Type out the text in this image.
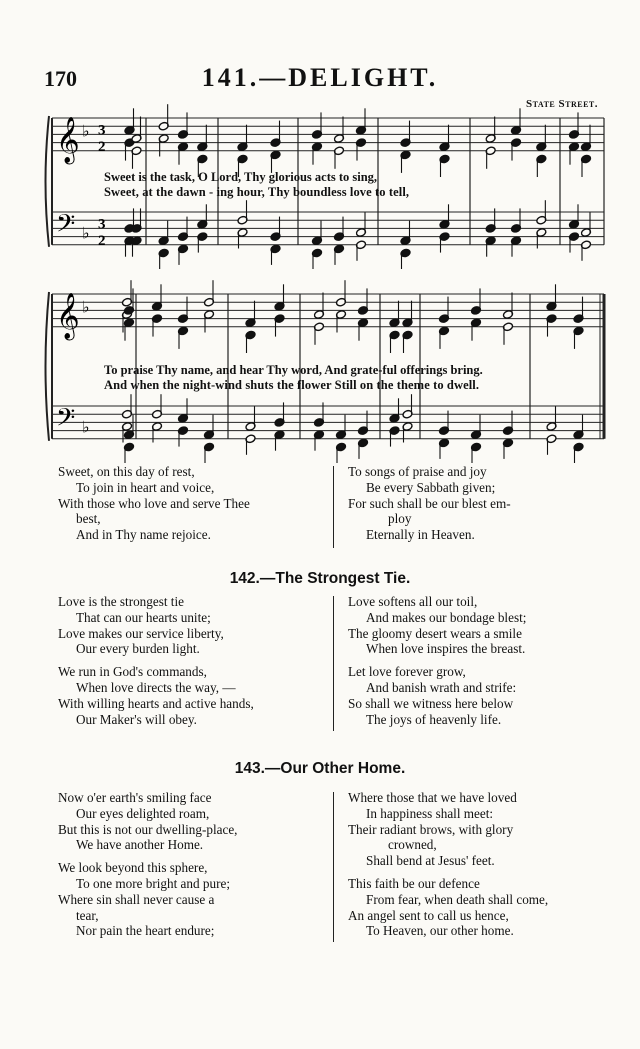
170	141.—DELIGHT.
State Street.
𝄞
𝄢
♭
♭
3
2
3
2
𝄞
𝄢
♭
♭
Sweet is the task, O Lord, Thy glorious acts to sing,
Sweet, at the dawn - ing hour, Thy boundless love to tell,
To praise Thy name, and hear Thy word, And grate-ful offerings bring.
And when the night-wind shuts the flower Still on the theme to dwell.
Sweet, on this day of rest,
To join in heart and voice,
With those who love and serve Thee
best,
And in Thy name rejoice.
To songs of praise and joy
Be every Sabbath given;
For such shall be our blest em-
ploy
Eternally in Heaven.
142.—The Strongest Tie.
Love is the strongest tie
That can our hearts unite;
Love makes our service liberty,
Our every burden light.
We run in God's commands,
When love directs the way, —
With willing hearts and active hands,
Our Maker's will obey.
Love softens all our toil,
And makes our bondage blest;
The gloomy desert wears a smile
When love inspires the breast.
Let love forever grow,
And banish wrath and strife:
So shall we witness here below
The joys of heavenly life.
143.—Our Other Home.
Now o'er earth's smiling face
Our eyes delighted roam,
But this is not our dwelling-place,
We have another Home.
We look beyond this sphere,
To one more bright and pure;
Where sin shall never cause a
tear,
Nor pain the heart endure;
Where those that we have loved
In happiness shall meet:
Their radiant brows, with glory
crowned,
Shall bend at Jesus' feet.
This faith be our defence
From fear, when death shall come,
An angel sent to call us hence,
To Heaven, our other home.
